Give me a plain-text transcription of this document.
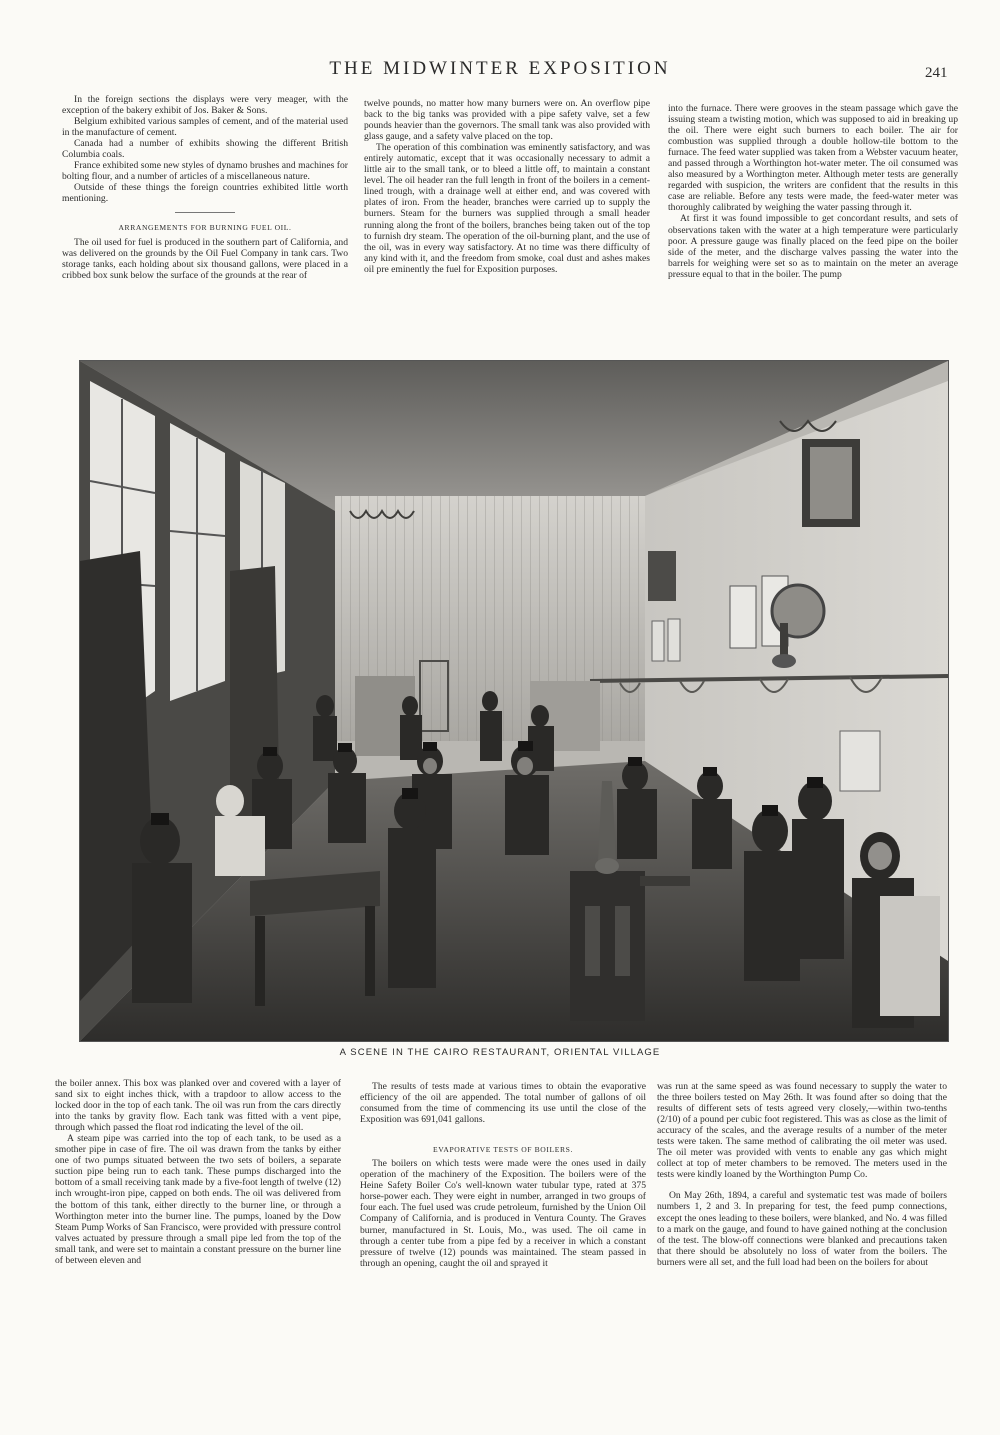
THE MIDWINTER EXPOSITION	241

In the foreign sections the displays were very meager, with the exception of the bakery exhibit of Jos. Baker & Sons.

Belgium exhibited various samples of cement, and of the material used in the manufacture of cement.

Canada had a number of exhibits showing the different British Columbia coals.

France exhibited some new styles of dynamo brushes and machines for bolting flour, and a number of articles of a miscellaneous nature.

Outside of these things the foreign countries exhibited little worth mentioning.

ARRANGEMENTS FOR BURNING FUEL OIL.

The oil used for fuel is produced in the southern part of California, and was delivered on the grounds by the Oil Fuel Company in tank cars. Two storage tanks, each holding about six thousand gallons, were placed in a cribbed box sunk below the surface of the grounds at the rear of

twelve pounds, no matter how many burners were on. An overflow pipe back to the big tanks was provided with a pipe safety valve, set a few pounds heavier than the governors. The small tank was also provided with glass gauge, and a safety valve placed on the top.

The operation of this combination was eminently satisfactory, and was entirely automatic, except that it was occasionally necessary to admit a little air to the small tank, or to bleed a little off, to maintain a constant level. The oil header ran the full length in front of the boilers in a cement-lined trough, with a drainage well at either end, and was covered with plates of iron. From the header, branches were carried up to supply the burners. Steam for the burners was supplied through a small header running along the front of the boilers, branches being taken out of the top to furnish dry steam. The operation of the oil-burning plant, and the use of the oil, was in every way satisfactory. At no time was there difficulty of any kind with it, and the freedom from smoke, coal dust and ashes makes oil pre eminently the fuel for Exposition purposes.

into the furnace. There were grooves in the steam passage which gave the issuing steam a twisting motion, which was supposed to aid in breaking up the oil. There were eight such burners to each boiler. The air for combustion was supplied through a double hollow-tile bottom to the furnace. The feed water supplied was taken from a Webster vacuum heater, and passed through a Worthington hot-water meter. The oil consumed was also measured by a Worthington meter. Although meter tests are generally regarded with suspicion, the writers are confident that the results in this case are reliable. Before any tests were made, the feed-water meter was thoroughly calibrated by weighing the water passing through it.

At first it was found impossible to get concordant results, and sets of observations taken with the water at a high temperature were particularly poor. A pressure gauge was finally placed on the feed pipe on the boiler side of the meter, and the discharge valves passing the water into the barrels for weighing were set so as to maintain on the meter an average pressure equal to that in the boiler. The pump

A SCENE IN THE CAIRO RESTAURANT, ORIENTAL VILLAGE

the boiler annex. This box was planked over and covered with a layer of sand six to eight inches thick, with a trapdoor to allow access to the locked door in the top of each tank. The oil was run from the cars directly into the tanks by gravity flow. Each tank was fitted with a vent pipe, through which passed the float rod indicating the level of the oil.

A steam pipe was carried into the top of each tank, to be used as a smother pipe in case of fire. The oil was drawn from the tanks by either one of two pumps situated between the two sets of boilers, a separate suction pipe being run to each tank. These pumps discharged into the bottom of a small receiving tank made by a five-foot length of twelve (12) inch wrought-iron pipe, capped on both ends. The oil was delivered from the bottom of this tank, either directly to the burner line, or through a Worthington meter into the burner line. The pumps, loaned by the Dow Steam Pump Works of San Francisco, were provided with pressure control valves actuated by pressure through a small pipe led from the top of the small tank, and were set to maintain a constant pressure on the burner line of between eleven and

The results of tests made at various times to obtain the evaporative efficiency of the oil are appended. The total number of gallons of oil consumed from the time of commencing its use until the close of the Exposition was 691,041 gallons.

EVAPORATIVE TESTS OF BOILERS.

The boilers on which tests were made were the ones used in daily operation of the machinery of the Exposition. The boilers were of the Heine Safety Boiler Co's well-known water tubular type, rated at 375 horse-power each. They were eight in number, arranged in two groups of four each. The fuel used was crude petroleum, furnished by the Union Oil Company of California, and is produced in Ventura County. The Graves burner, manufactured in St. Louis, Mo., was used. The oil came in through a center tube from a pipe fed by a receiver in which a constant pressure of twelve (12) pounds was maintained. The steam passed in through an opening, caught the oil and sprayed it

was run at the same speed as was found necessary to supply the water to the three boilers tested on May 26th. It was found after so doing that the results of different sets of tests agreed very closely,—within two-tenths (2/10) of a pound per cubic foot registered. This was as close as the limit of accuracy of the scales, and the average results of a number of the meter tests were taken. The same method of calibrating the oil meter was used. The oil meter was provided with vents to enable any gas which might collect at top of meter chambers to be removed. The meters used in the tests were kindly loaned by the Worthington Pump Co.

On May 26th, 1894, a careful and systematic test was made of boilers numbers 1, 2 and 3. In preparing for test, the feed pump connections, except the ones leading to these boilers, were blanked, and No. 4 was filled to a mark on the gauge, and found to have gained nothing at the conclusion of the test. The blow-off connections were blanked and precautions taken that there should be absolutely no loss of water from the boilers. The burners were all set, and the full load had been on the boilers for about
